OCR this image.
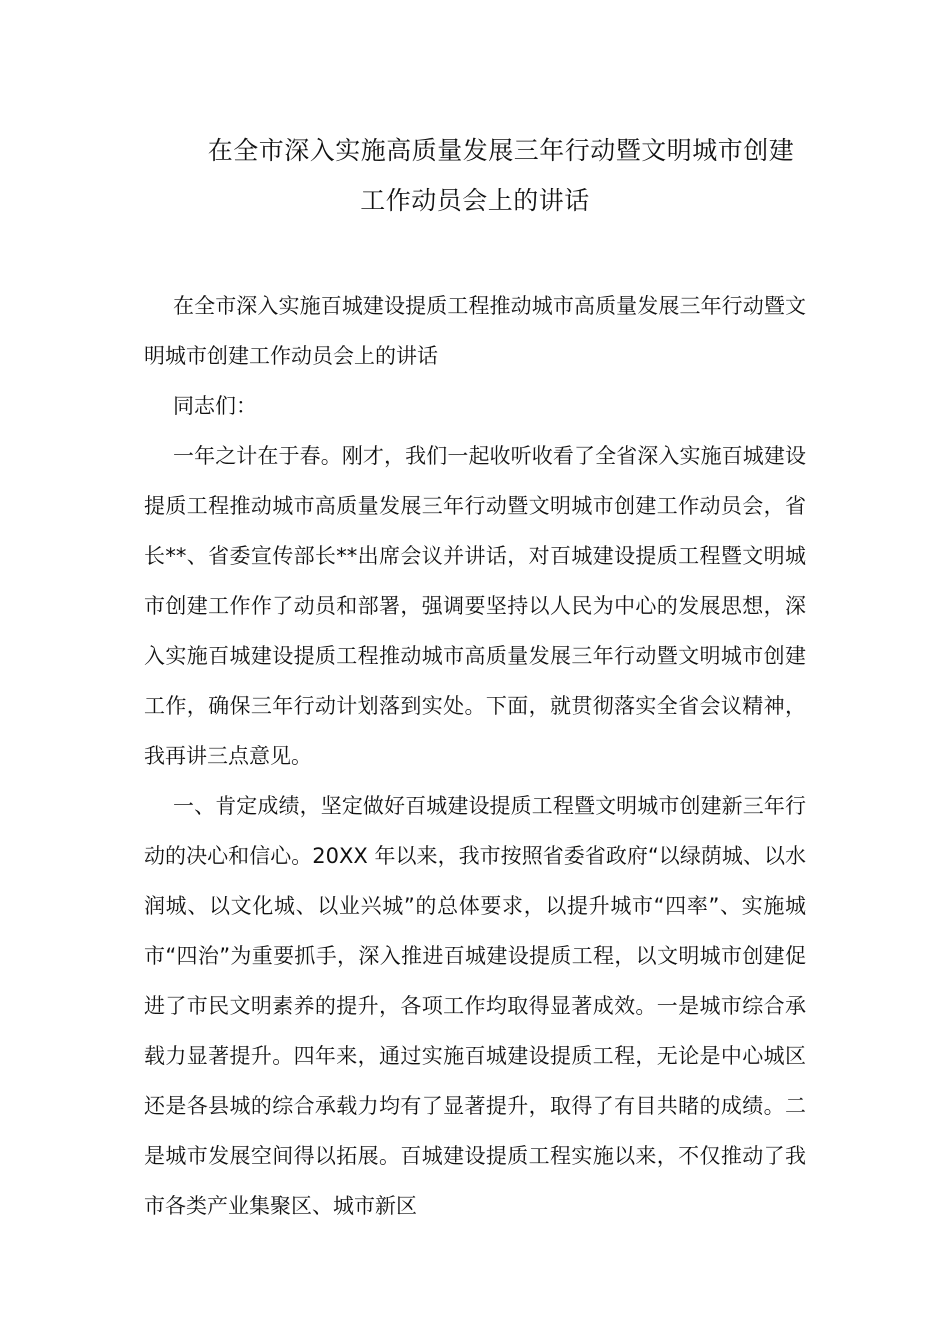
在全市深入实施高质量发展三年行动暨文明城市创建
工作动员会上的讲话

在全市深入实施百城建设提质工程推动城市高质量发展三年行动暨文明城市创建工作动员会上的讲话

同志们：

一年之计在于春。刚才，我们一起收听收看了全省深入实施百城建设提质工程推动城市高质量发展三年行动暨文明城市创建工作动员会，省长**、省委宣传部长**出席会议并讲话，对百城建设提质工程暨文明城市创建工作作了动员和部署，强调要坚持以人民为中心的发展思想，深入实施百城建设提质工程推动城市高质量发展三年行动暨文明城市创建工作，确保三年行动计划落到实处。下面，就贯彻落实全省会议精神，我再讲三点意见。

一、肯定成绩，坚定做好百城建设提质工程暨文明城市创建新三年行动的决心和信心。20XX 年以来，我市按照省委省政府“以绿荫城、以水润城、以文化城、以业兴城”的总体要求，以提升城市“四率”、实施城市“四治”为重要抓手，深入推进百城建设提质工程，以文明城市创建促进了市民文明素养的提升，各项工作均取得显著成效。一是城市综合承载力显著提升。四年来，通过实施百城建设提质工程，无论是中心城区还是各县城的综合承载力均有了显著提升，取得了有目共睹的成绩。二是城市发展空间得以拓展。百城建设提质工程实施以来，不仅推动了我市各类产业集聚区、城市新区
